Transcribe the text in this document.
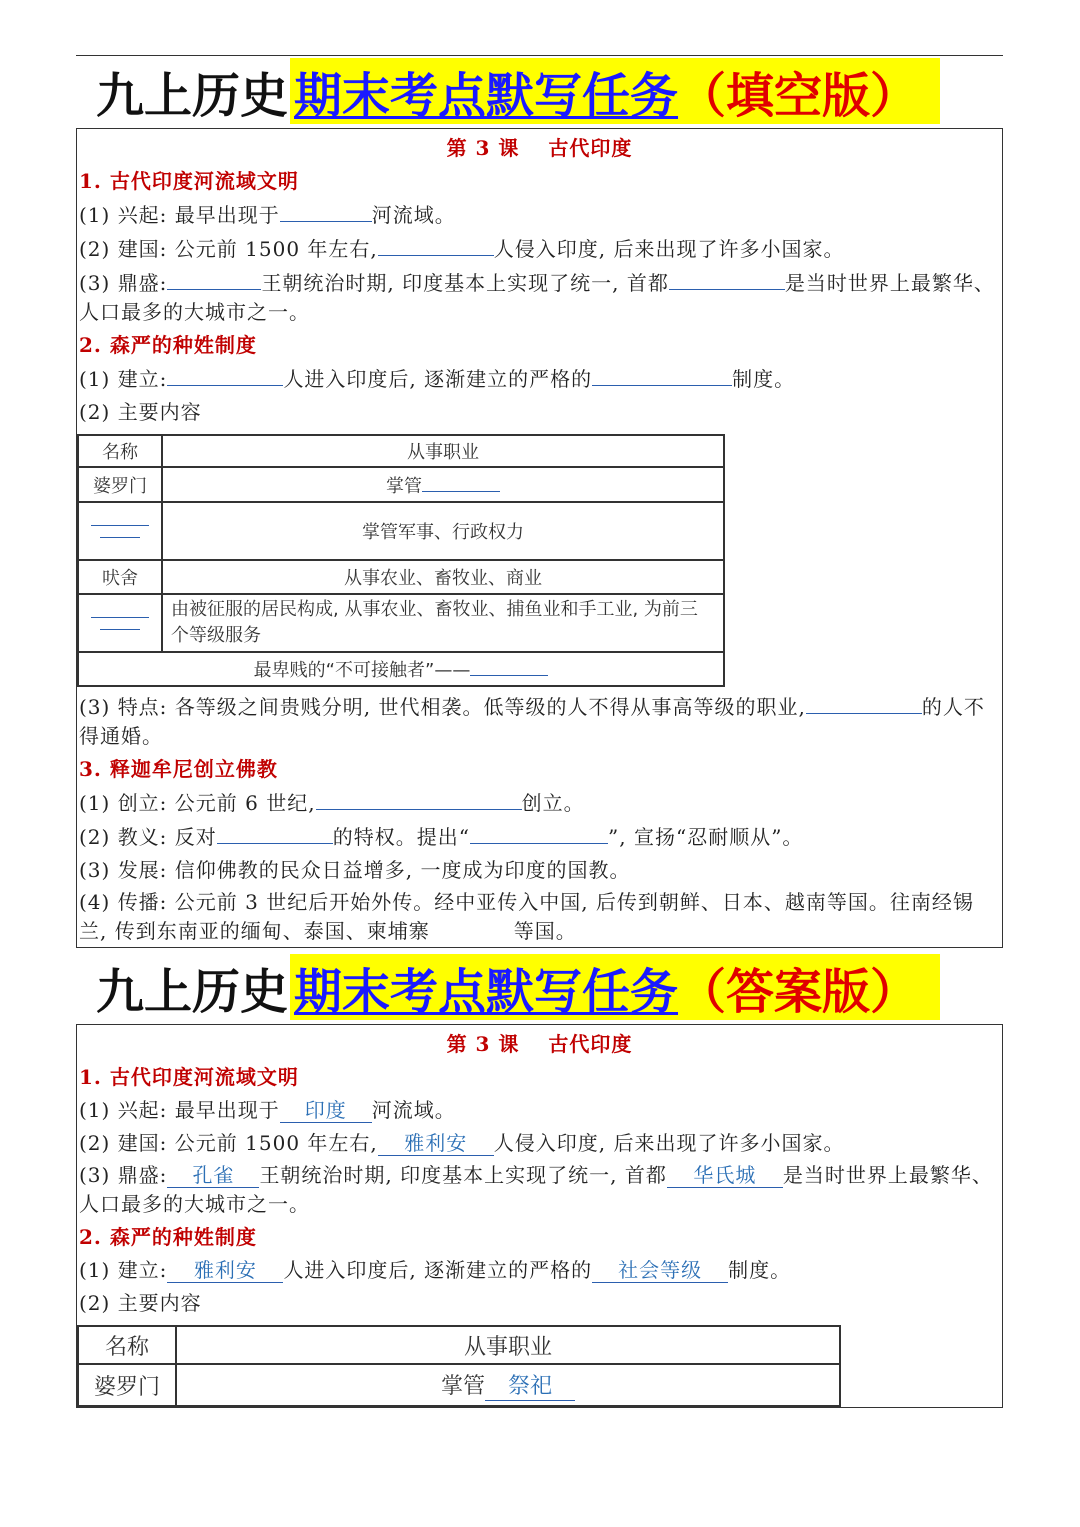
九上历史 期末考点默写任务 （填空版）
第 3 课　 古代印度
1. 古代印度河流域文明
(1) 兴起: 最早出现于	河流域。
(2) 建国: 公元前 1500 年左右,	人侵入印度, 后来出现了许多小国家。
(3) 鼎盛:	王朝统治时期, 印度基本上实现了统一, 首都	是当时世界上最繁华、人口最多的大城市之一。
2. 森严的种姓制度
(1) 建立:	人进入印度后, 逐渐建立的严格的	制度。
(2) 主要内容
名称	从事职业
婆罗门	掌管

	掌管军事、行政权力
吠舍	从事农业、畜牧业、商业

	由被征服的居民构成, 从事农业、畜牧业、捕鱼业和手工业, 为前三个等级服务
最卑贱的“不可接触者”——	
(3) 特点: 各等级之间贵贱分明, 世代相袭。低等级的人不得从事高等级的职业,	的人不得通婚。
3. 释迦牟尼创立佛教
(1) 创立: 公元前 6 世纪,	创立。
(2) 教义: 反对	的特权。提出“	”, 宣扬“忍耐顺从”。
(3) 发展: 信仰佛教的民众日益增多, 一度成为印度的国教。
(4) 传播: 公元前 3 世纪后开始外传。经中亚传入中国, 后传到朝鲜、日本、越南等国。往南经锡兰, 传到东南亚的缅甸、泰国、柬埔寨　　　　等国。
九上历史 期末考点默写任务 （答案版）
第 3 课　 古代印度
1. 古代印度河流域文明
(1) 兴起: 最早出现于 印度 河流域。
(2) 建国: 公元前 1500 年左右, 雅利安 人侵入印度, 后来出现了许多小国家。
(3) 鼎盛: 孔雀 王朝统治时期, 印度基本上实现了统一, 首都 华氏城 是当时世界上最繁华、人口最多的大城市之一。
2. 森严的种姓制度
(1) 建立: 雅利安 人进入印度后, 逐渐建立的严格的 社会等级 制度。
(2) 主要内容
名称	从事职业
婆罗门	掌管 祭祀
